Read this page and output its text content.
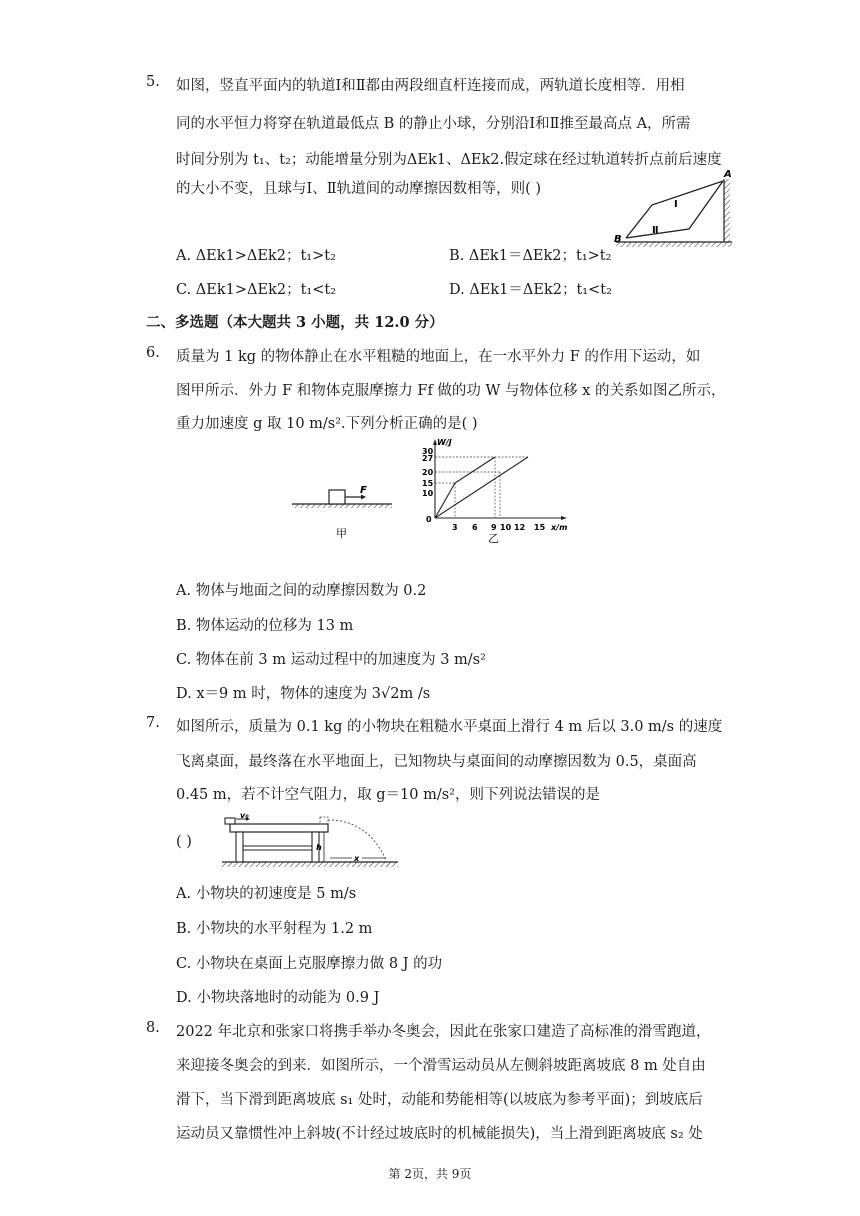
5. 如图，竖直平面内的轨道Ⅰ和Ⅱ都由两段细直杆连接而成，两轨道长度相等．用相
同的水平恒力将穿在轨道最低点 B 的静止小球，分别沿Ⅰ和Ⅱ推至最高点 A，所需
时间分别为 t₁、t₂；动能增量分别为ΔEk1、ΔEk2.假定球在经过轨道转折点前后速度
的大小不变，且球与Ⅰ、Ⅱ轨道间的动摩擦因数相等，则( )
B
A
Ⅰ
Ⅱ
A. ΔEk1>ΔEk2；t₁>t₂	B. ΔEk1＝ΔEk2；t₁>t₂
C. ΔEk1>ΔEk2；t₁<t₂	D. ΔEk1＝ΔEk2；t₁<t₂
二、多选题（本大题共 3 小题，共 12.0 分）
6. 质量为 1 kg 的物体静止在水平粗糙的地面上，在一水平外力 F 的作用下运动，如
图甲所示．外力 F 和物体克服摩擦力 Ff 做的功 W 与物体位移 x 的关系如图乙所示，
重力加速度 g 取 10 m/s².下列分析正确的是( )
F
甲
W/J
x/m
0
30
27
20
15
10
3 6 9 10 12 15
乙
A. 物体与地面之间的动摩擦因数为 0.2
B. 物体运动的位移为 13 m
C. 物体在前 3 m 运动过程中的加速度为 3 m/s²
D. x＝9 m 时，物体的速度为 3√2m /s
7. 如图所示，质量为 0.1 kg 的小物块在粗糙水平桌面上滑行 4 m 后以 3.0 m/s 的速度
飞离桌面，最终落在水平地面上，已知物块与桌面间的动摩擦因数为 0.5，桌面高
0.45 m，若不计空气阻力，取 g＝10 m/s²，则下列说法错误的是
( )
v₀
h
x
A. 小物块的初速度是 5 m/s
B. 小物块的水平射程为 1.2 m
C. 小物块在桌面上克服摩擦力做 8 J 的功
D. 小物块落地时的动能为 0.9 J
8. 2022 年北京和张家口将携手举办冬奥会，因此在张家口建造了高标准的滑雪跑道，
来迎接冬奥会的到来．如图所示，一个滑雪运动员从左侧斜坡距离坡底 8 m 处自由
滑下，当下滑到距离坡底 s₁ 处时，动能和势能相等(以坡底为参考平面)；到坡底后
运动员又靠惯性冲上斜坡(不计经过坡底时的机械能损失)，当上滑到距离坡底 s₂ 处
第 2页，共 9页
